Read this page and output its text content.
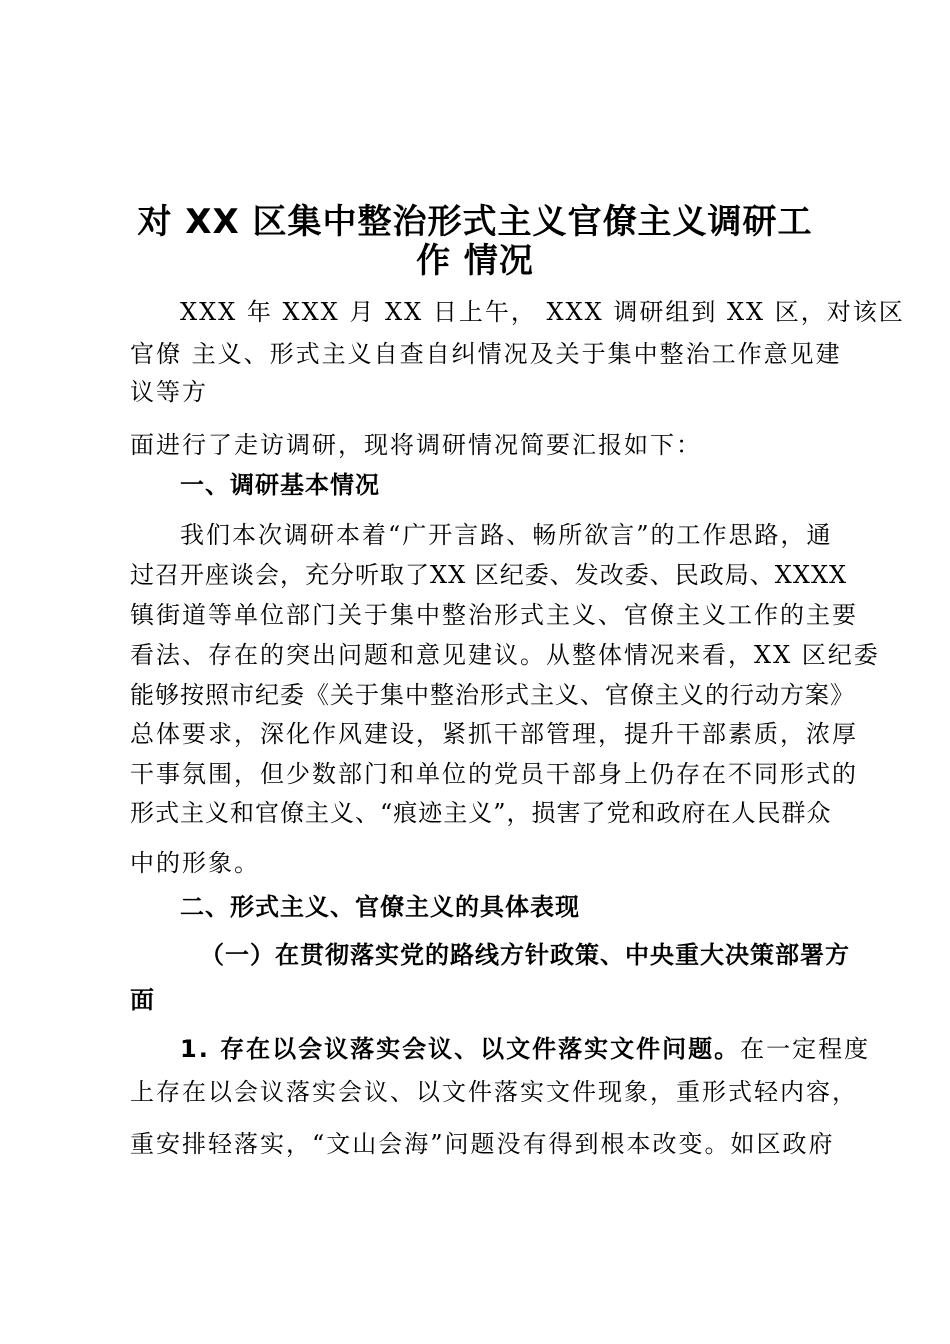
对 XX 区集中整治形式主义官僚主义调研工
作 情况
XXX 年 XXX 月 XX 日上午， XXX 调研组到 XX 区，对该区
官僚 主义、形式主义自查自纠情况及关于集中整治工作意见建
议等方
面进行了走访调研，现将调研情况简要汇报如下：
一、调研基本情况
我们本次调研本着“广开言路、畅所欲言”的工作思路，通
过召开座谈会，充分听取了XX 区纪委、发改委、民政局、XXXX
镇街道等单位部门关于集中整治形式主义、官僚主义工作的主要
看法、存在的突出问题和意见建议。从整体情况来看，XX 区纪委
能够按照市纪委《关于集中整治形式主义、官僚主义的行动方案》
总体要求，深化作风建设，紧抓干部管理，提升干部素质，浓厚
干事氛围，但少数部门和单位的党员干部身上仍存在不同形式的
形式主义和官僚主义、“痕迹主义”，损害了党和政府在人民群众
中的形象。
二、形式主义、官僚主义的具体表现
（一）在贯彻落实党的路线方针政策、中央重大决策部署方
面
1. 存在以会议落实会议、以文件落实文件问题。在一定程度
上存在以会议落实会议、以文件落实文件现象，重形式轻内容，
重安排轻落实，“文山会海”问题没有得到根本改变。如区政府
